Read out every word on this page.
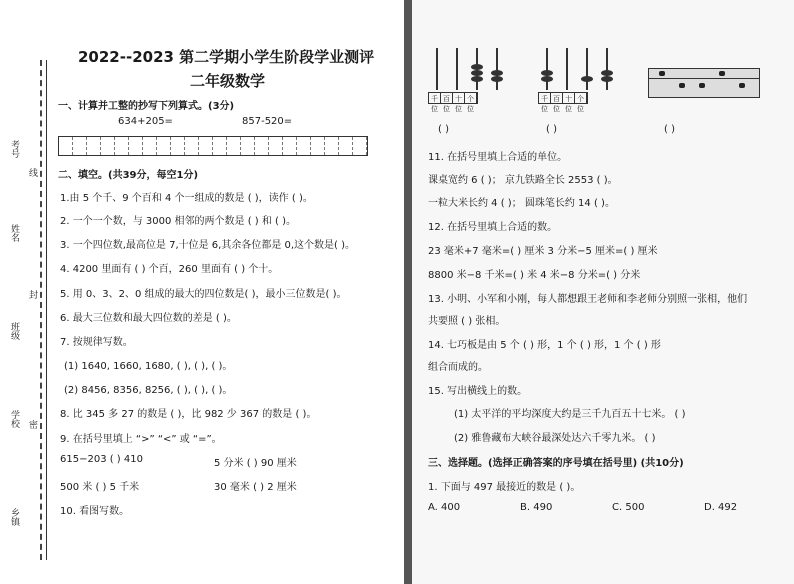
考号
线
姓名
封
班级
密
学校
乡镇
2022--2023 第二学期小学生阶段学业测评
二年级数学
一、计算并工整的抄写下列算式。(3分)
634+205=	857-520=
二、填空。(共39分，每空1分)
1.由 5 个千、9 个百和 4 个一组成的数是 ( )，读作 ( )。
2. 一个一个数，与 3000 相邻的两个数是 ( ) 和 ( )。
3. 一个四位数,最高位是 7,十位是 6,其余各位都是 0,这个数是( )。
4. 4200 里面有 ( ) 个百，260 里面有 ( ) 个十。
5. 用 0、3、2、0 组成的最大的四位数是( )，最小三位数是( )。
6. 最大三位数和最大四位数的差是 ( )。
7. 按规律写数。
(1) 1640, 1660, 1680, ( ), ( ), ( )。
(2) 8456, 8356, 8256, ( ), ( ), ( )。
8. 比 345 多 27 的数是 ( )，比 982 少 367 的数是 ( )。
9. 在括号里填上 “>” “<” 或 “=”。
615−203 ( ) 410	5 分米 ( ) 90 厘米
500 米 ( ) 5 千米	30 毫米 ( ) 2 厘米
10. 看图写数。
千位
百位
十位
个位
千位
百位
十位
个位
( )	( )	( )
11. 在括号里填上合适的单位。
课桌宽约 6 ( )； 京九铁路全长 2553 ( )。
一粒大米长约 4 ( )； 圆珠笔长约 14 ( )。
12. 在括号里填上合适的数。
23 毫米+7 毫米=( ) 厘米 3 分米−5 厘米=( ) 厘米
8800 米−8 千米=( ) 米 4 米−8 分米=( ) 分米
13. 小明、小军和小刚，每人都想跟王老师和李老师分别照一张相，他们
共要照 ( ) 张相。
14. 七巧板是由 5 个 ( ) 形，1 个 ( ) 形，1 个 ( ) 形
组合而成的。
15. 写出横线上的数。
(1) 太平洋的平均深度大约是三千九百五十七米。 ( )
(2) 雅鲁藏布大峡谷最深处达六千零九米。 ( )
三、选择题。(选择正确答案的序号填在括号里) (共10分)
1. 下面与 497 最接近的数是 ( )。
A. 400	B. 490	C. 500	D. 492
